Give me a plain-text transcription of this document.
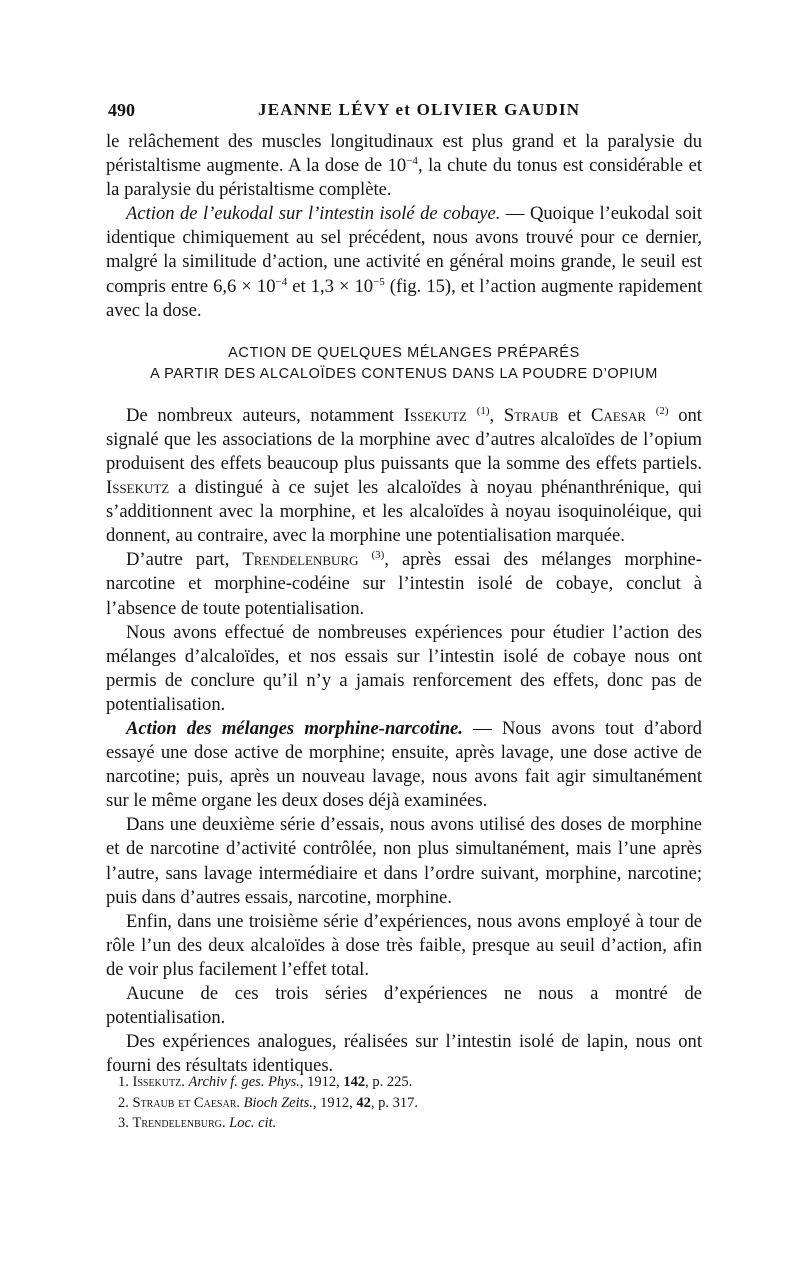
490	JEANNE LÉVY et OLIVIER GAUDIN

le relâchement des muscles longitudinaux est plus grand et la paralysie du péristaltisme augmente. A la dose de $10^{-4}$, la chute du tonus est considérable et la paralysie du péristaltisme complète.

Action de l’eukodal sur l’intestin isolé de cobaye. — Quoique l’eukodal soit identique chimiquement au sel précédent, nous avons trouvé pour ce dernier, malgré la similitude d’action, une activité en général moins grande, le seuil est compris entre $6,6 \times 10^{-4}$ et $1,3 \times 10^{-5}$ (fig. 15), et l’action augmente rapidement avec la dose.

ACTION DE QUELQUES MÉLANGES PRÉPARÉS
A PARTIR DES ALCALOÏDES CONTENUS DANS LA POUDRE D’OPIUM

De nombreux auteurs, notamment Issekutz $^{(1)}$, Straub et Caesar $^{(2)}$ ont signalé que les associations de la morphine avec d’autres alcaloïdes de l’opium produisent des effets beaucoup plus puissants que la somme des effets partiels. Issekutz a distingué à ce sujet les alcaloïdes à noyau phénanthrénique, qui s’additionnent avec la morphine, et les alcaloïdes à noyau isoquinoléique, qui donnent, au contraire, avec la morphine une potentialisation marquée.

D’autre part, Trendelenburg $^{(3)}$, après essai des mélanges morphine-narcotine et morphine-codéine sur l’intestin isolé de cobaye, conclut à l’absence de toute potentialisation.

Nous avons effectué de nombreuses expériences pour étudier l’action des mélanges d’alcaloïdes, et nos essais sur l’intestin isolé de cobaye nous ont permis de conclure qu’il n’y a jamais renforcement des effets, donc pas de potentialisation.

Action des mélanges morphine-narcotine. — Nous avons tout d’abord essayé une dose active de morphine; ensuite, après lavage, une dose active de narcotine; puis, après un nouveau lavage, nous avons fait agir simultanément sur le même organe les deux doses déjà examinées.

Dans une deuxième série d’essais, nous avons utilisé des doses de morphine et de narcotine d’activité contrôlée, non plus simultanément, mais l’une après l’autre, sans lavage intermédiaire et dans l’ordre suivant, morphine, narcotine; puis dans d’autres essais, narcotine, morphine.

Enfin, dans une troisième série d’expériences, nous avons employé à tour de rôle l’un des deux alcaloïdes à dose très faible, presque au seuil d’action, afin de voir plus facilement l’effet total.

Aucune de ces trois séries d’expériences ne nous a montré de potentialisation.

Des expériences analogues, réalisées sur l’intestin isolé de lapin, nous ont fourni des résultats identiques.

1. Issekutz. Archiv f. ges. Phys., 1912, 142, p. 225.

2. Straub et Caesar. Bioch Zeits., 1912, 42, p. 317.

3. Trendelenburg. Loc. cit.
